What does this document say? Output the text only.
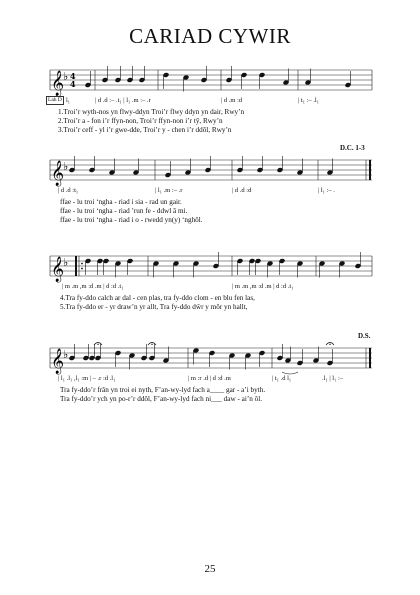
CARIAD CYWIR
𝄞
♭ 4
4
Lah D l₁	| d .d :– .t₁ | l₁ .m :– .r	| d .m :d	| t₁ :– .l₁
1.Troi’r wyth-nos yn flwy-ddyn Troi’r flwy ddyn yn dair, Rwy’n
2.Troi’r a - fon i’r ffyn-non, Troi’r ffyn-non i’r tŷ, Rwy’n
3.Troi’r ceff - yl i’r gwe-dde, Troi’r y - chen i’r ddôl, Rwy’n
D.C. 1-3
𝄞
♭
| d .d :t₁	| l₁ .m :– .r	| d .d :d	| l₁ :– .
ffae - lu troi ‘ngha - riad i sia - rad un gair.
ffae - lu troi ‘ngha - riad ’run fe - ddwl â mi.
ffae - lu troi ‘ngha - riad i o - rwedd yn(y) ‘nghôl.
𝄞
♭
| m .m ,m :d .m | d :d .t₁	| m .m ,m :d .m | d :d .t₁
4.Tra fy-ddo calch ar dal - cen plas, tra fy-ddo clom - en blu fen las,
5.Tra fy-ddo er - yr draw’n yr allt, Tra fy-ddo dŵr y môr yn hallt,
D.S.
𝄞
♭
| l₁ .l₁ ,l₁ :m | – .r :d .l₁	| m :r .d | d :d .m	| t₁ .d l₁	.l₁ | l₁ :–
Tra fy-ddo’r frân yn troi ei nyth, F’an-wy-lyd fach a____ gar - a’i byth.
Tra fy-ddo’r ych yn po-r’r ddôl, F’an-wy-lyd fach ni___ daw - ai’n ôl.
25
